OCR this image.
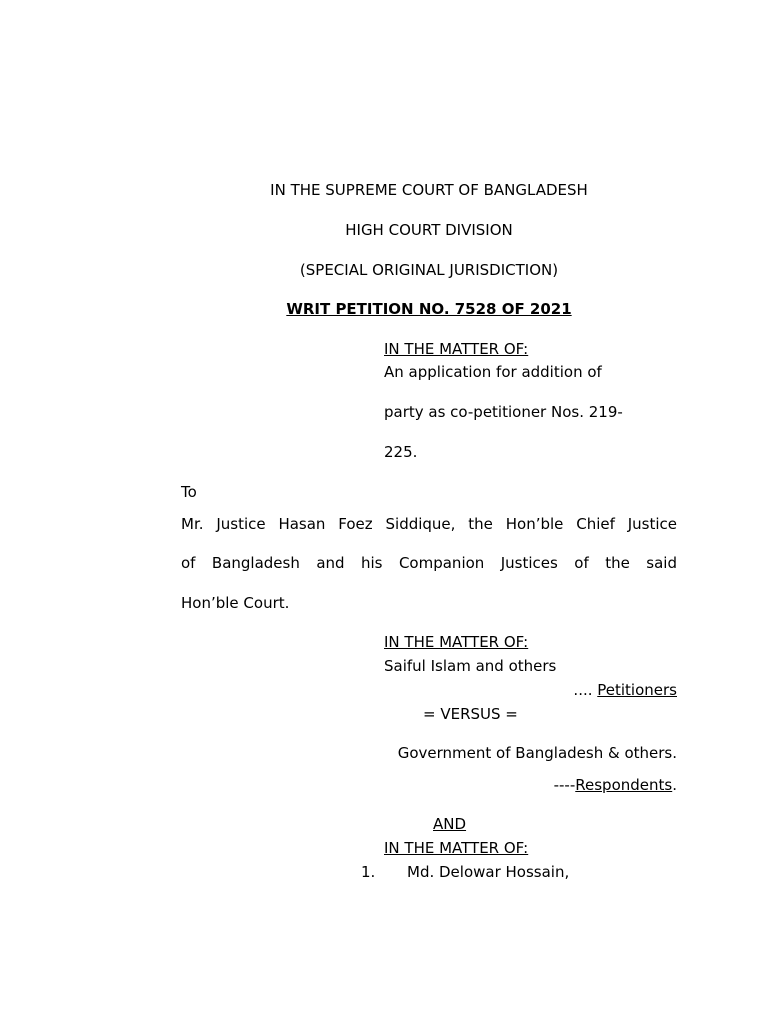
IN THE SUPREME COURT OF BANGLADESH
HIGH COURT DIVISION
(SPECIAL ORIGINAL JURISDICTION)
WRIT PETITION NO. 7528 OF 2021
IN THE MATTER OF:
An application for addition of
party as co-petitioner Nos. 219-
225.
To
Mr. Justice Hasan Foez Siddique, the Hon’ble Chief Justice
of Bangladesh and his Companion Justices of the said
Hon’ble Court.
IN THE MATTER OF:
Saiful Islam and others
.... Petitioners
= VERSUS =
Government of Bangladesh & others.
----Respondents.
AND
IN THE MATTER OF:
1. Md. Delowar Hossain,
